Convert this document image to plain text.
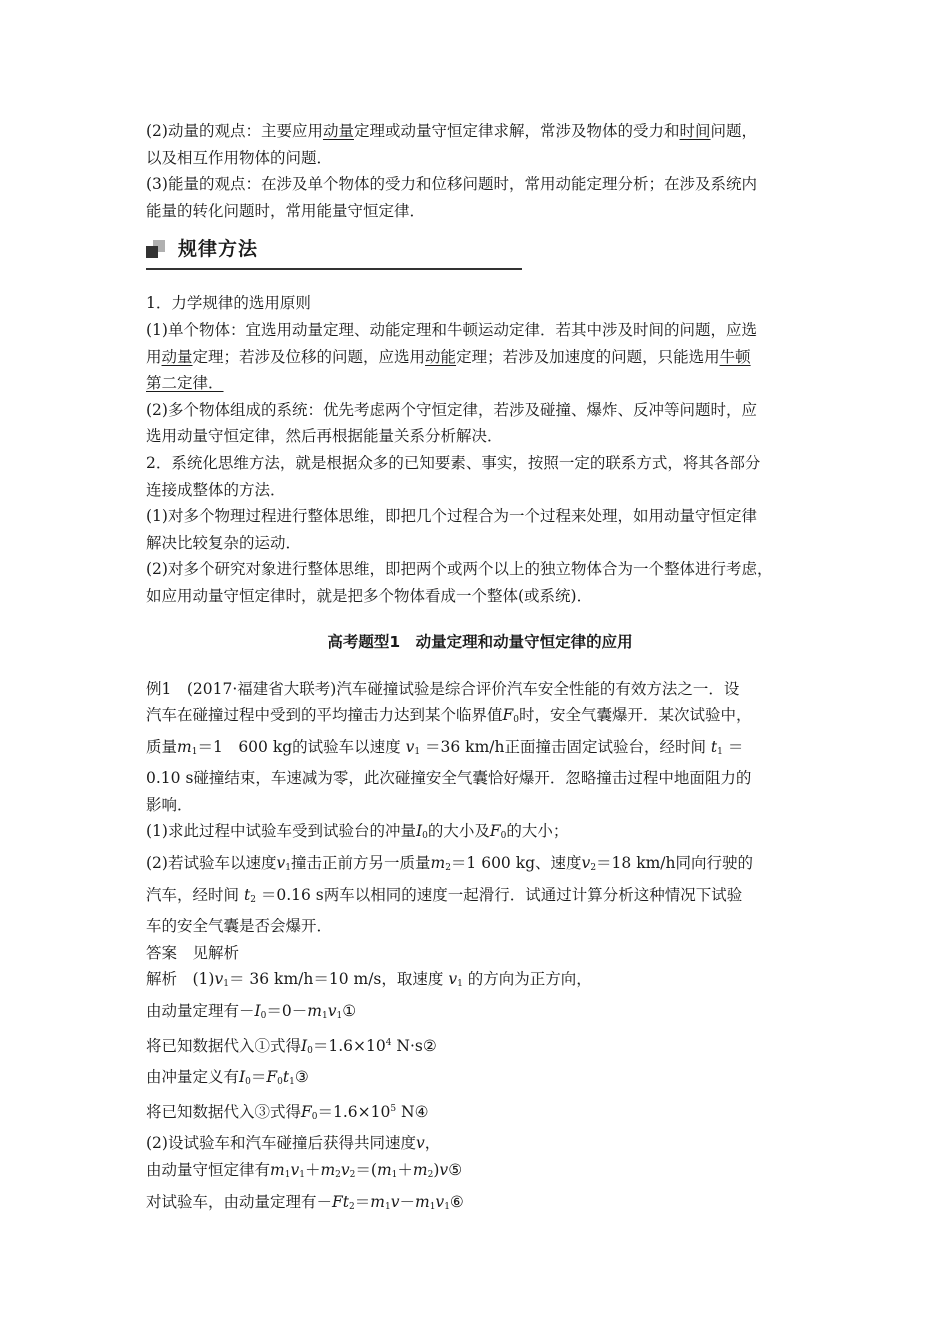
(2)动量的观点：主要应用动量定理或动量守恒定律求解，常涉及物体的受力和时间问题，
以及相互作用物体的问题．
(3)能量的观点：在涉及单个物体的受力和位移问题时，常用动能定理分析；在涉及系统内
能量的转化问题时，常用能量守恒定律．
规律方法
1．力学规律的选用原则
(1)单个物体：宜选用动量定理、动能定理和牛顿运动定律．若其中涉及时间的问题，应选
用动量定理；若涉及位移的问题，应选用动能定理；若涉及加速度的问题，只能选用牛顿
第二定律．
(2)多个物体组成的系统：优先考虑两个守恒定律，若涉及碰撞、爆炸、反冲等问题时，应
选用动量守恒定律，然后再根据能量关系分析解决．
2．系统化思维方法，就是根据众多的已知要素、事实，按照一定的联系方式，将其各部分
连接成整体的方法．
(1)对多个物理过程进行整体思维，即把几个过程合为一个过程来处理，如用动量守恒定律
解决比较复杂的运动．
(2)对多个研究对象进行整体思维，即把两个或两个以上的独立物体合为一个整体进行考虑，
如应用动量守恒定律时，就是把多个物体看成一个整体(或系统)．
高考题型1　动量定理和动量守恒定律的应用
例1　(2017·福建省大联考)汽车碰撞试验是综合评价汽车安全性能的有效方法之一．设
汽车在碰撞过程中受到的平均撞击力达到某个临界值$F_0$时，安全气囊爆开．某次试验中，
质量$m_1=1$　600 kg的试验车以速度 $v_1 =36$ km/h正面撞击固定试验台，经时间 $t_1$ ＝
0.10 s碰撞结束，车速减为零，此次碰撞安全气囊恰好爆开．忽略撞击过程中地面阻力的
影响．
(1)求此过程中试验车受到试验台的冲量$I_0$的大小及$F_0$的大小；
(2)若试验车以速度$v_1$撞击正前方另一质量$m_2=1$ 600 kg、速度$v_2=18$ km/h同向行驶的
汽车，经时间 $t_2 =0.16$ s两车以相同的速度一起滑行．试通过计算分析这种情况下试验
车的安全气囊是否会爆开．
答案　见解析
解析　$(1)v_1= 36$ km/h＝10 m/s，取速度 $v_1$ 的方向为正方向，
由动量定理有$-I_0=0-m_1v_1①$
将已知数据代入①式得$I_0=1.6\times 10^4$ N·s②
由冲量定义有$I_0=F_0t_1③$
将已知数据代入③式得$F_0=1.6\times 10^5$ N④
(2)设试验车和汽车碰撞后获得共同速度v，
由动量守恒定律有$m_1v_1+m_2v_2=(m_1+m_2)v⑤$
对试验车，由动量定理有$-Ft_2=m_1v-m_1v_1⑥$
